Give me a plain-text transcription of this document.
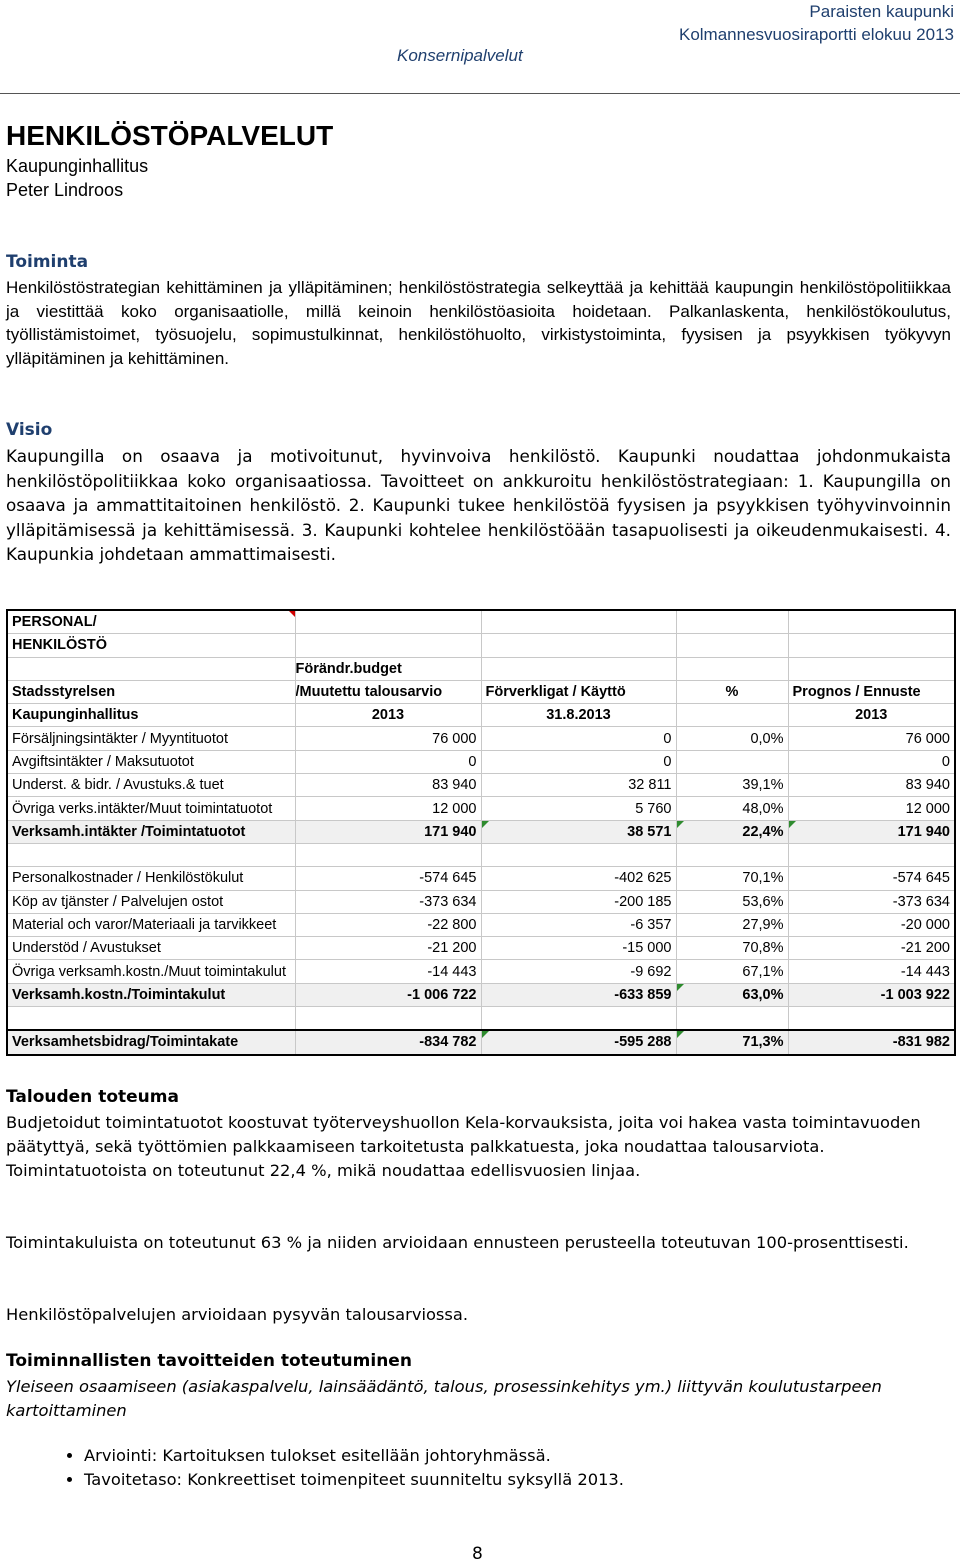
Paraisten kaupunki
Kolmannesvuosiraportti elokuu 2013
Konsernipalvelut
HENKILÖSTÖPALVELUT
Kaupunginhallitus
Peter Lindroos
Toiminta
Henkilöstöstrategian kehittäminen ja ylläpitäminen; henkilöstöstrategia selkeyttää ja kehittää kaupungin henkilöstöpolitiikkaa ja viestittää koko organisaatiolle, millä keinoin henkilöstöasioita hoidetaan. Palkanlaskenta, henkilöstökoulutus, työllistämistoimet, työsuojelu, sopimustulkinnat, henkilöstöhuolto, virkistystoiminta, fyysisen ja psyykkisen työkyvyn ylläpitäminen ja kehittäminen.
Visio
Kaupungilla on osaava ja motivoitunut, hyvinvoiva henkilöstö. Kaupunki noudattaa johdonmukaista henkilöstöpolitiikkaa koko organisaatiossa. Tavoitteet on ankkuroitu henkilöstöstrategiaan: 1. Kaupungilla on osaava ja ammattitaitoinen henkilöstö. 2. Kaupunki tukee henkilöstöä fyysisen ja psyykkisen työhyvinvoinnin ylläpitämisessä ja kehittämisessä. 3. Kaupunki kohtelee henkilöstöään tasapuolisesti ja oikeudenmukaisesti. 4. Kaupunkia johdetaan ammattimaisesti.
PERSONAL/				
HENKILÖSTÖ				
	Förändr.budget			
Stadsstyrelsen	/Muutettu talousarvio	Förverkligat / Käyttö	%	Prognos / Ennuste
Kaupunginhallitus	2013	31.8.2013		2013
Försäljningsintäkter / Myyntituotot	76 000	0	0,0%	76 000
Avgiftsintäkter / Maksutuotot	0	0		0
Underst. & bidr. / Avustuks.& tuet	83 940	32 811	39,1%	83 940
Övriga verks.intäkter/Muut toimintatuotot	12 000	5 760	48,0%	12 000
Verksamh.intäkter /Toimintatuotot	171 940	38 571	22,4%	171 940

Personalkostnader / Henkilöstökulut	-574 645	-402 625	70,1%	-574 645
Köp av tjänster / Palvelujen ostot	-373 634	-200 185	53,6%	-373 634
Material och varor/Materiaali ja tarvikkeet	-22 800	-6 357	27,9%	-20 000
Understöd / Avustukset	-21 200	-15 000	70,8%	-21 200
Övriga verksamh.kostn./Muut toimintakulut	-14 443	-9 692	67,1%	-14 443
Verksamh.kostn./Toimintakulut	-1 006 722	-633 859	63,0%	-1 003 922

Verksamhetsbidrag/Toimintakate	-834 782	-595 288	71,3%	-831 982
Talouden toteuma
Budjetoidut toimintatuotot koostuvat työterveyshuollon Kela-korvauksista, joita voi hakea vasta toimintavuoden päätyttyä, sekä työttömien palkkaamiseen tarkoitetusta palkkatuesta, joka noudattaa talousarviota. Toimintatuotoista on toteutunut 22,4 %, mikä noudattaa edellisvuosien linjaa.
Toimintakuluista on toteutunut 63 % ja niiden arvioidaan ennusteen perusteella toteutuvan 100-prosenttisesti.
Henkilöstöpalvelujen arvioidaan pysyvän talousarviossa.
Toiminnallisten tavoitteiden toteutuminen
Yleiseen osaamiseen (asiakaspalvelu, lainsäädäntö, talous, prosessinkehitys ym.) liittyvän koulutustarpeen kartoittaminen
• Arviointi: Kartoituksen tulokset esitellään johtoryhmässä.
• Tavoitetaso: Konkreettiset toimenpiteet suunniteltu syksyllä 2013.
8
